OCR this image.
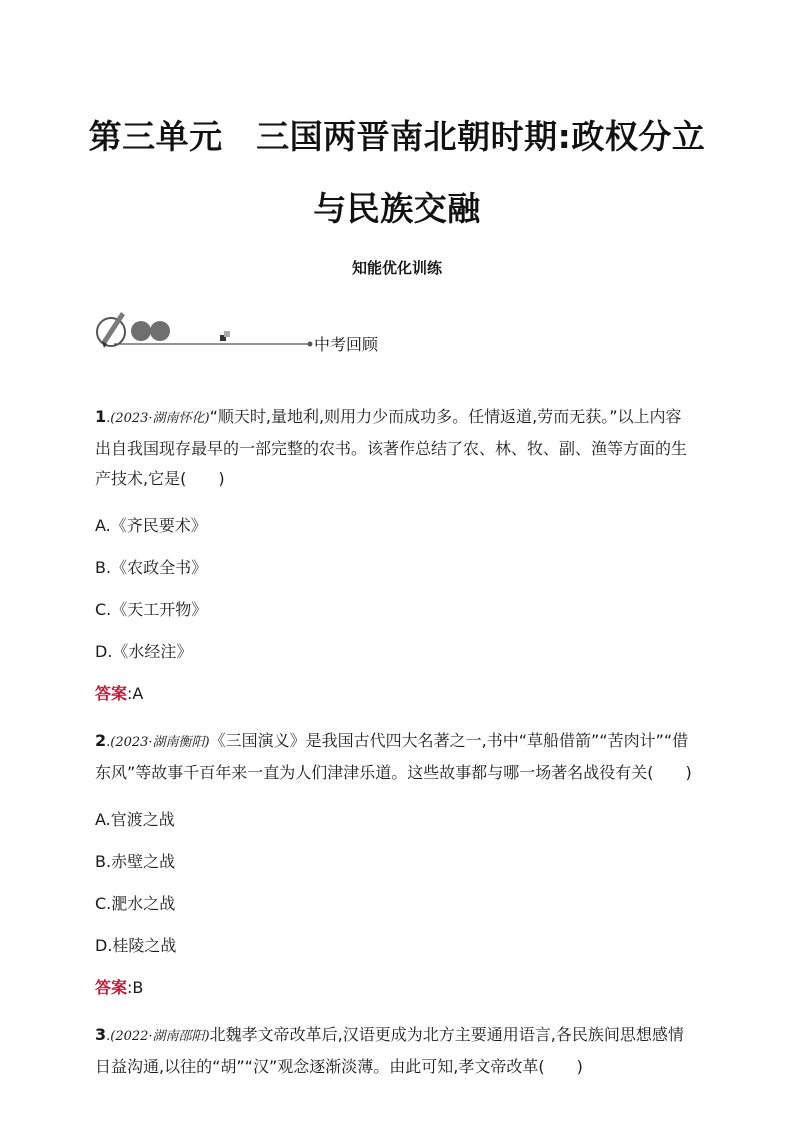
第三单元　三国两晋南北朝时期:政权分立
与民族交融
知能优化训练
中考回顾

1.(2023·湖南怀化)“顺天时,量地利,则用力少而成功多。任情返道,劳而无获。”以上内容

出自我国现存最早的一部完整的农书。该著作总结了农、林、牧、副、渔等方面的生

产技术,它是(　　)

A.《齐民要术》
B.《农政全书》
C.《天工开物》
D.《水经注》
答案:A

2.(2023·湖南衡阳)《三国演义》是我国古代四大名著之一,书中“草船借箭”“苦肉计”“借

东风”等故事千百年来一直为人们津津乐道。这些故事都与哪一场著名战役有关(　　)

A.官渡之战
B.赤壁之战
C.淝水之战
D.桂陵之战
答案:B

3.(2022·湖南邵阳)北魏孝文帝改革后,汉语更成为北方主要通用语言,各民族间思想感情

日益沟通,以往的“胡”“汉”观念逐渐淡薄。由此可知,孝文帝改革(　　)
